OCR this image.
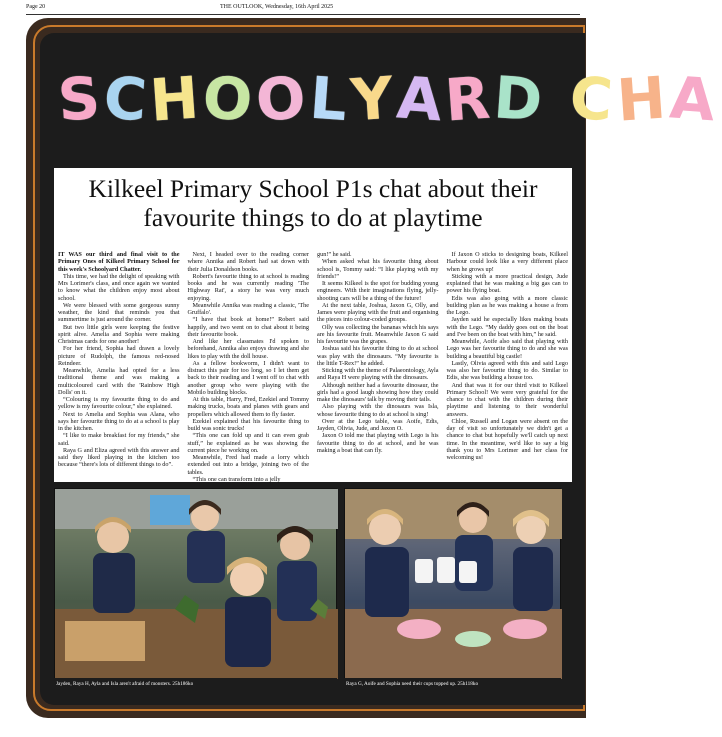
Page 20	THE OUTLOOK, Wednesday, 16th April 2025
SCHOOLYARD CHA
Kilkeel Primary School P1s chat about their favourite things to do at playtime

IT WAS our third and final visit to the Primary Ones of Kilkeel Primary School for this week's Schoolyard Chatter.

This time, we had the delight of speaking with Mrs Lorimer's class, and once again we wanted to know what the children enjoy most about school.

We were blessed with some gorgeous sunny weather, the kind that reminds you that summertime is just around the corner.

But two little girls were keeping the festive spirit alive. Amelia and Sophia were making Christmas cards for one another!

For her friend, Sophia had drawn a lovely picture of Rudolph, the famous red-nosed Reindeer.

Meanwhile, Amelia had opted for a less traditional theme and was making a multicoloured card with the 'Rainbow High Dolls' on it.

“Colouring is my favourite thing to do and yellow is my favourite colour,” she explained.

Next to Amelia and Sophia was Alana, who says her favourite thing to do at a school is play in the kitchen.

“I like to make breakfast for my friends,” she said.

Raya G and Eliza agreed with this answer and said they liked playing in the kitchen too because “there's lots of different things to do”.

Next, I headed over to the reading corner where Annika and Robert had sat down with their Julia Donaldson books.

Robert's favourite thing to at school is reading books and he was currently reading 'The Highway Rat', a story he was very much enjoying.

Meanwhile Annika was reading a classic, 'The Gruffalo'.

“I have that book at home!” Robert said happily, and two went on to chat about it being their favourite book.

And like her classmates I'd spoken to beforehand, Annika also enjoys drawing and she likes to play with the doll house.

As a fellow bookworm, I didn't want to distract this pair for too long, so I let them get back to their reading and I went off to chat with another group who were playing with the Mobilo building blocks.

At this table, Harry, Fred, Ezekiel and Tommy making trucks, boats and planes with gears and propellers which allowed them to fly faster.

Ezekiel explained that his favourite thing to build was sonic trucks!

“This one can fold up and it can even grab stuff,” he explained as he was showing the current piece he working on.

Meanwhile, Fred had made a lorry which extended out into a bridge, joining two of the tables.

“This one can transform into a jelly

gun!” he said.

When asked what his favourite thing about school is, Tommy said: “I like playing with my friends!”

It seems Kilkeel is the spot for budding young engineers. With their imaginations flying, jelly-shooting cars will be a thing of the future!

At the next table, Joshua, Jaxon G, Olly, and James were playing with the fruit and organising the pieces into colour-coded groups.

Olly was collecting the bananas which his says are his favourite fruit. Meanwhile Jaxon G said his favourite was the grapes.

Joshua said his favourite thing to do at school was play with the dinosaurs. “My favourite is the little T-Rex!” he added.

Sticking with the theme of Palaeontology, Ayla and Raya H were playing with the dinosaurs.

Although neither had a favourite dinosaur, the girls had a good laugh showing how they could make the dinosaurs' talk by moving their tails.

Also playing with the dinosaurs was Isla, whose favourite thing to do at school is sing!

Over at the Lego table, was Aoife, Edis, Jayden, Olivia, Jude, and Jaxon O.

Jaxon O told me that playing with Lego is his favourite thing to do at school, and he was making a boat that can fly.

If Jaxon O sticks to designing boats, Kilkeel Harbour could look like a very different place when he grows up!

Sticking with a more practical design, Jude explained that he was making a big gas can to power his flying boat.

Edis was also going with a more classic building plan as he was making a house a from the Lego.

Jayden said he especially likes making boats with the Lego. “My daddy goes out on the boat and I've been on the boat with him,” he said.

Meanwhile, Aoife also said that playing with Lego was her favourite thing to do and she was building a beautiful big castle!

Lastly, Olivia agreed with this and said Lego was also her favourite thing to do. Similar to Edis, she was building a house too.

And that was it for our third visit to Kilkeel Primary School! We were very grateful for the chance to chat with the children during their playtime and listening to their wonderful answers.

Chloe, Russell and Logan were absent on the day of visit so unfortunately we didn't get a chance to chat but hopefully we'll catch up next time. In the meantime, we'd like to say a big thank you to Mrs Lorimer and her class for welcoming us!

Jayden, Raya H, Ayla and Isla aren't afraid of monsters. 25h186ko	Raya G, Aoife and Sophia need their cups topped up. 25h118ko
